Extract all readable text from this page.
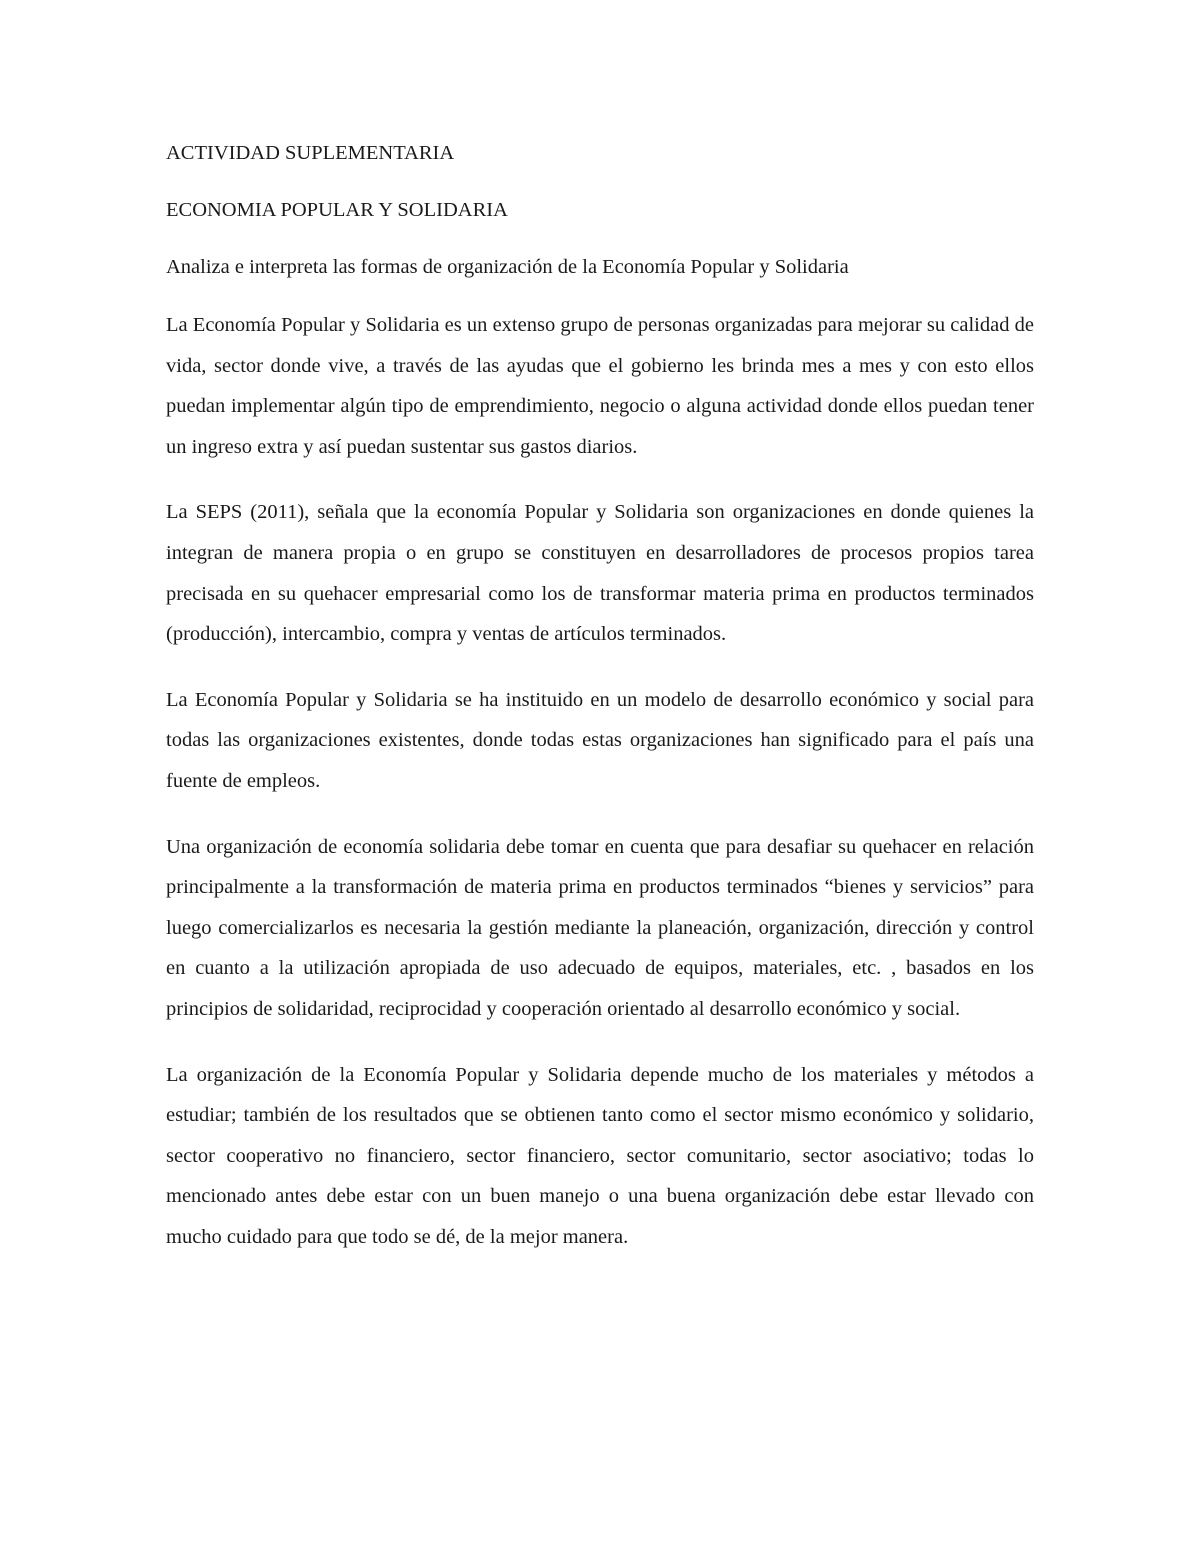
ACTIVIDAD SUPLEMENTARIA

ECONOMIA POPULAR Y SOLIDARIA

Analiza e interpreta las formas de organización de la Economía Popular y Solidaria

La Economía Popular y Solidaria es un extenso grupo de personas organizadas para mejorar su calidad de vida, sector donde vive, a través de las ayudas que el gobierno les brinda mes a mes y con esto ellos puedan implementar algún tipo de emprendimiento, negocio o alguna actividad donde ellos puedan tener un ingreso extra y así puedan sustentar sus gastos diarios.

La SEPS (2011), señala que la economía Popular y Solidaria son organizaciones en donde quienes la integran de manera propia o en grupo se constituyen en desarrolladores de procesos propios tarea precisada en su quehacer empresarial como los de transformar materia prima en productos terminados (producción), intercambio, compra y ventas de artículos terminados.

La Economía Popular y Solidaria se ha instituido en un modelo de desarrollo económico y social para todas las organizaciones existentes, donde todas estas organizaciones han significado para el país una fuente de empleos.

Una organización de economía solidaria debe tomar en cuenta que para desafiar su quehacer en relación principalmente a la transformación de materia prima en productos terminados “bienes y servicios” para luego comercializarlos es necesaria la gestión mediante la planeación, organización, dirección y control en cuanto a la utilización apropiada de uso adecuado de equipos, materiales, etc. , basados en los principios de solidaridad, reciprocidad y cooperación orientado al desarrollo económico y social.

La organización de la Economía Popular y Solidaria depende mucho de los materiales y métodos a estudiar; también de los resultados que se obtienen tanto como el sector mismo económico y solidario, sector cooperativo no financiero, sector financiero, sector comunitario, sector asociativo; todas lo mencionado antes debe estar con un buen manejo o una buena organización debe estar llevado con mucho cuidado para que todo se dé, de la mejor manera.
